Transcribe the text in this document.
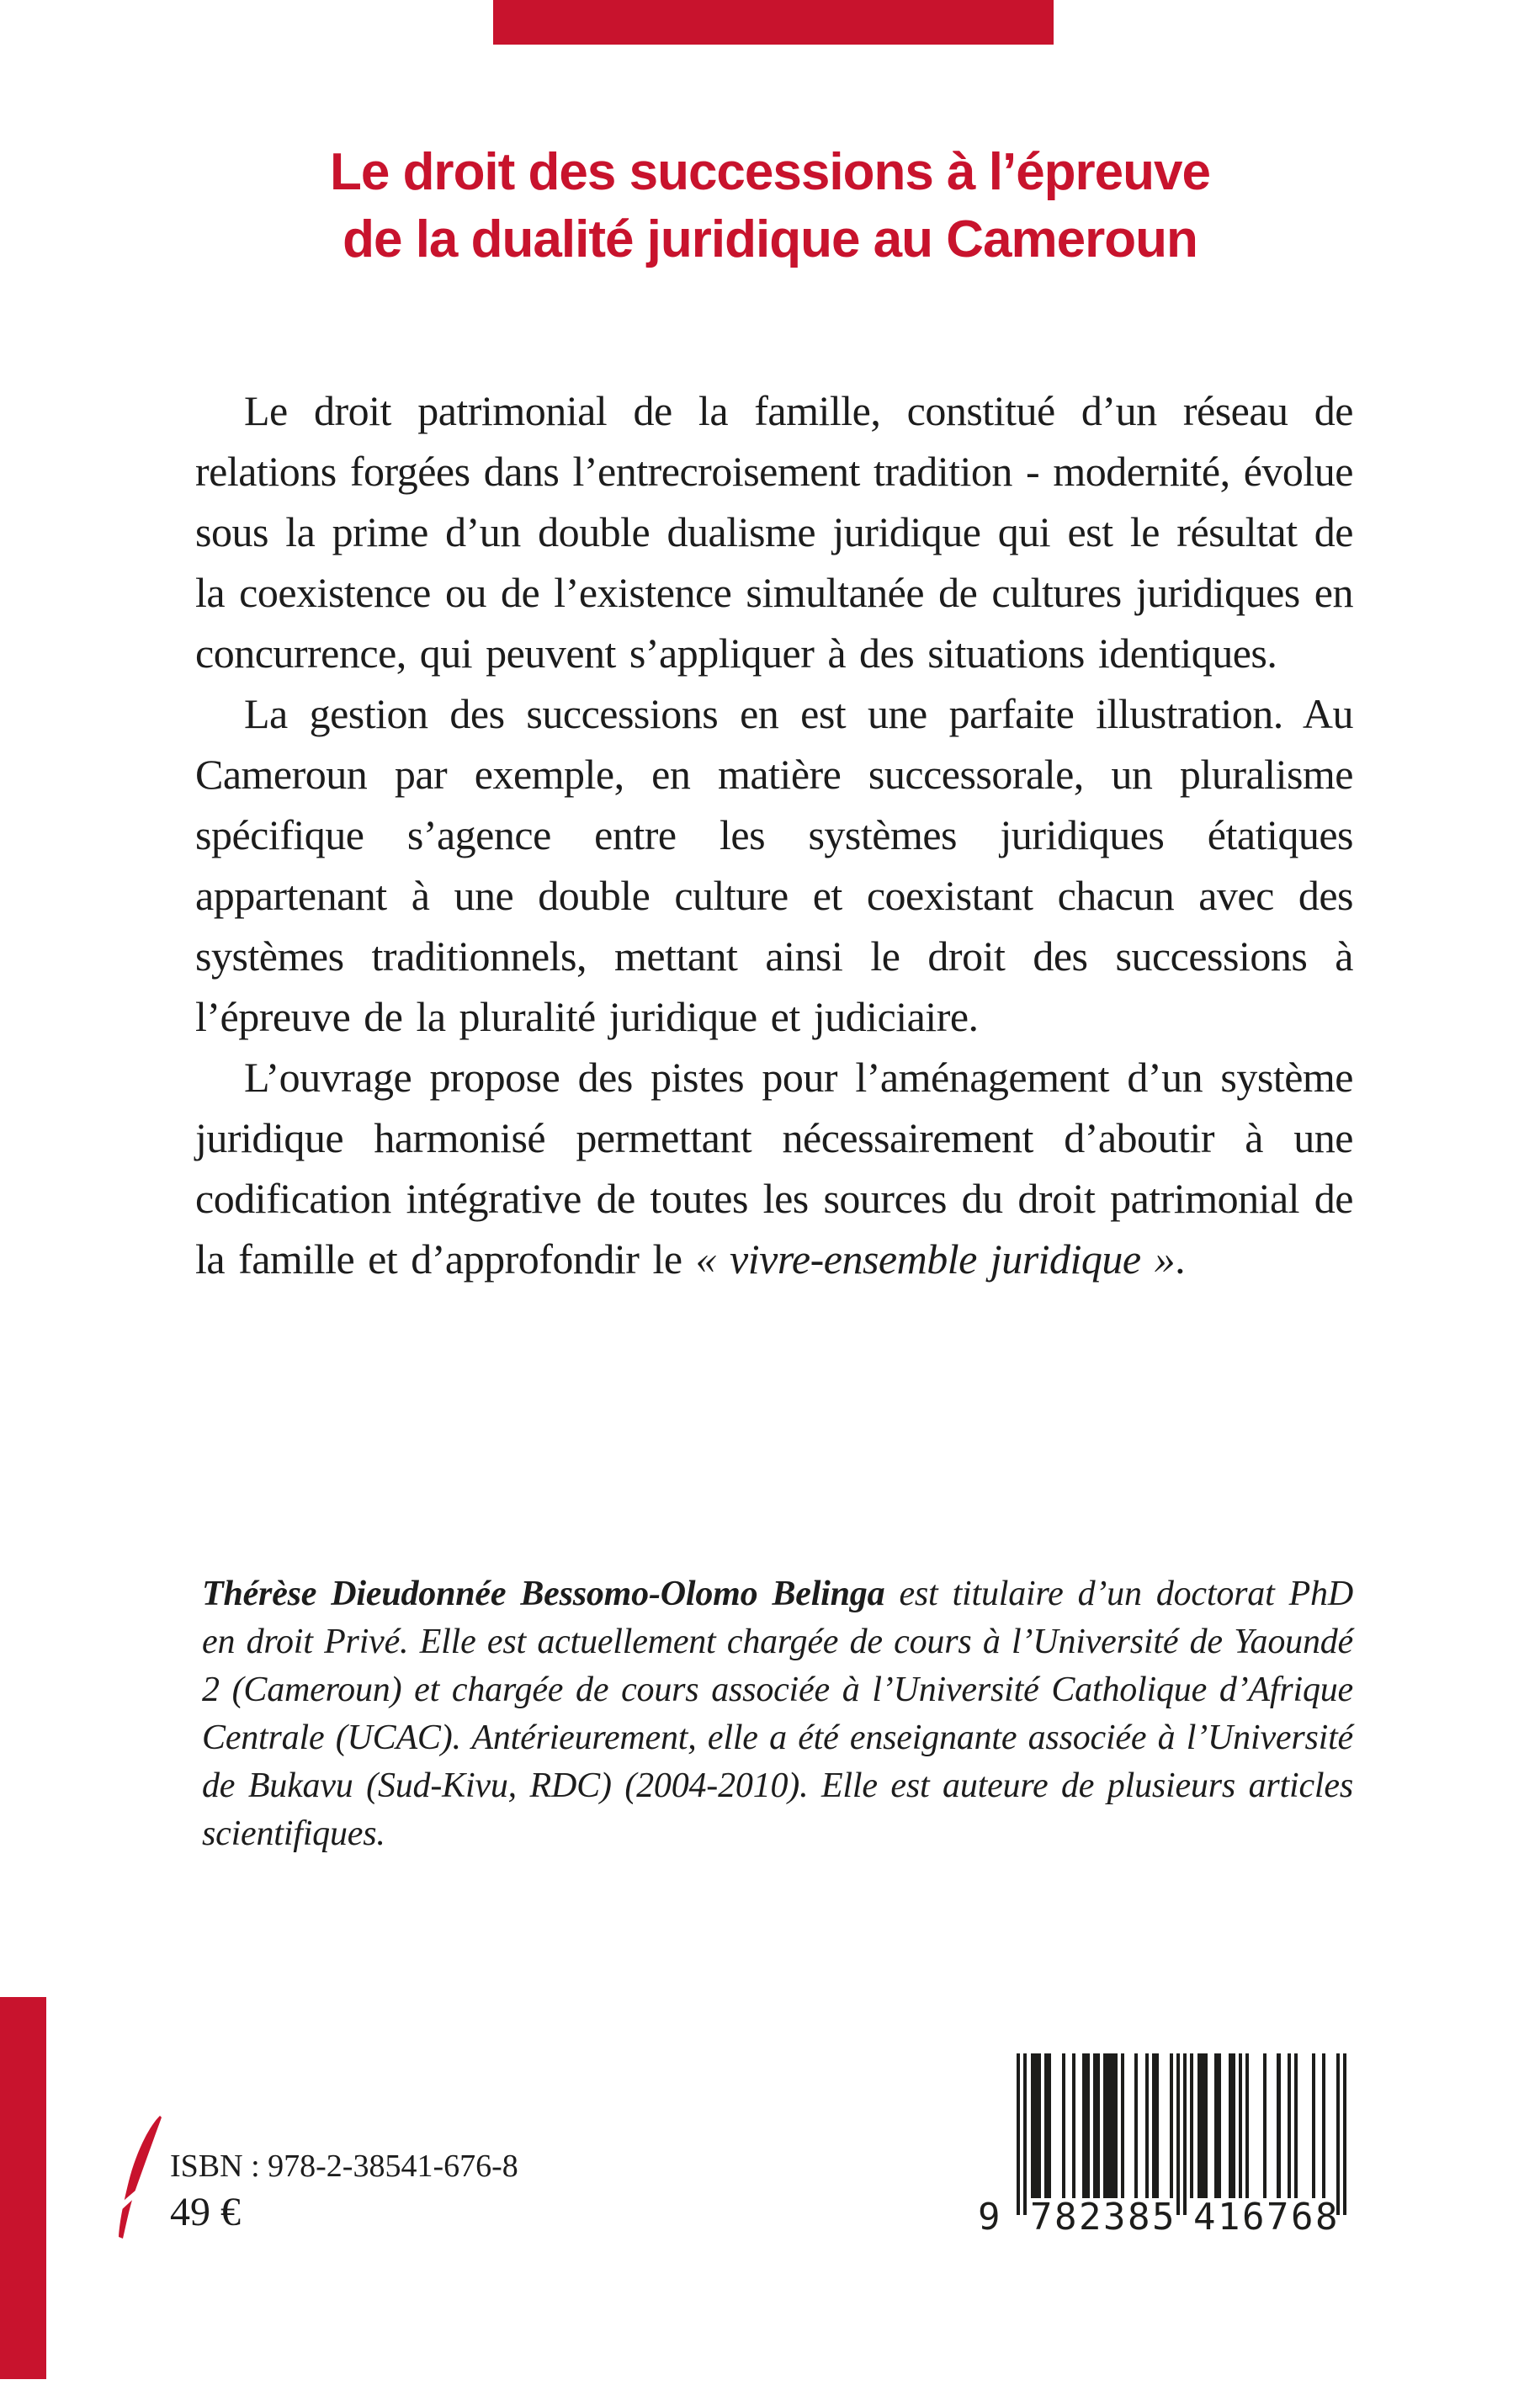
Le droit des successions à l’épreuve
de la dualité juridique au Cameroun

Le droit patrimonial de la famille, constitué d’un réseau de relations forgées dans l’entrecroisement tradition - modernité, évolue sous la prime d’un double dualisme juridique qui est le résultat de la coexistence ou de l’existence simultanée de cultures juridiques en concurrence, qui peuvent s’appliquer à des situations identiques.

La gestion des successions en est une parfaite illustration. Au Cameroun par exemple, en matière successorale, un pluralisme spécifique s’agence entre les systèmes juridiques étatiques appartenant à une double culture et coexistant chacun avec des systèmes traditionnels, mettant ainsi le droit des successions à l’épreuve de la pluralité juridique et judiciaire.

L’ouvrage propose des pistes pour l’aménagement d’un système juridique harmonisé permettant nécessairement d’aboutir à une codification intégrative de toutes les sources du droit patrimonial de la famille et d’approfondir le « vivre-ensemble juridique ».

Thérèse Dieudonnée Bessomo-Olomo Belinga est titulaire d’un doctorat PhD en droit Privé. Elle est actuellement chargée de cours à l’Université de Yaoundé 2 (Cameroun) et chargée de cours associée à l’Université Catholique d’Afrique Centrale (UCAC). Antérieurement, elle a été enseignante associée à l’Université de Bukavu (Sud-Kivu, RDC) (2004-2010). Elle est auteure de plusieurs articles scientifiques.

ISBN : 978-2-38541-676-8

49 €	9 782385 416768
